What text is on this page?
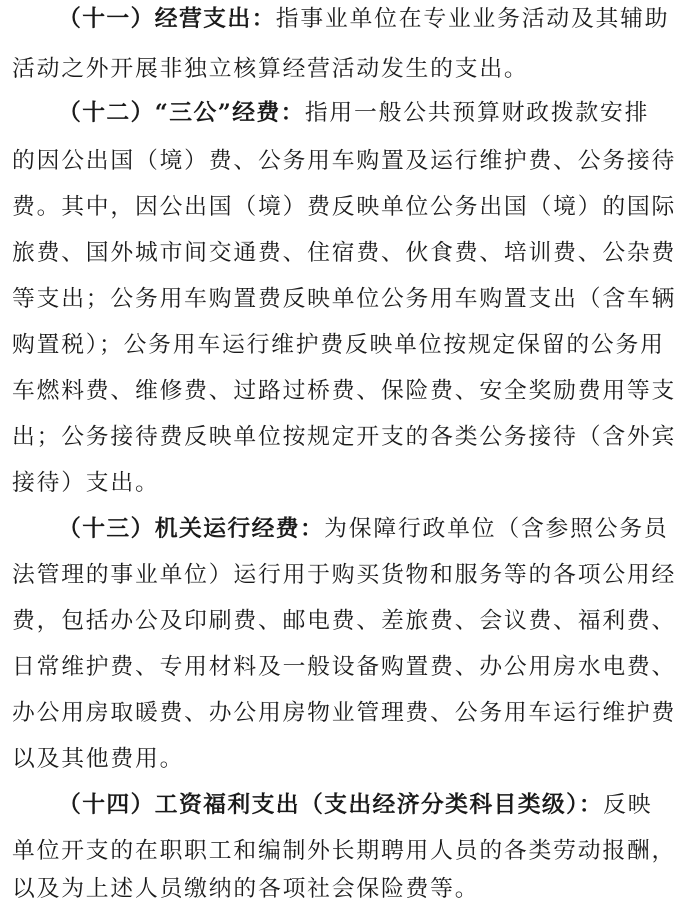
（十一）经营支出：指事业单位在专业业务活动及其辅助
活动之外开展非独立核算经营活动发生的支出。
（十二）“三公”经费：指用一般公共预算财政拨款安排
的因公出国（境）费、公务用车购置及运行维护费、公务接待
费。其中，因公出国（境）费反映单位公务出国（境）的国际
旅费、国外城市间交通费、住宿费、伙食费、培训费、公杂费
等支出；公务用车购置费反映单位公务用车购置支出（含车辆
购置税）；公务用车运行维护费反映单位按规定保留的公务用
车燃料费、维修费、过路过桥费、保险费、安全奖励费用等支
出；公务接待费反映单位按规定开支的各类公务接待（含外宾
接待）支出。
（十三）机关运行经费：为保障行政单位（含参照公务员
法管理的事业单位）运行用于购买货物和服务等的各项公用经
费，包括办公及印刷费、邮电费、差旅费、会议费、福利费、
日常维护费、专用材料及一般设备购置费、办公用房水电费、
办公用房取暖费、办公用房物业管理费、公务用车运行维护费
以及其他费用。
（十四）工资福利支出（支出经济分类科目类级）：反映
单位开支的在职职工和编制外长期聘用人员的各类劳动报酬，
以及为上述人员缴纳的各项社会保险费等。
